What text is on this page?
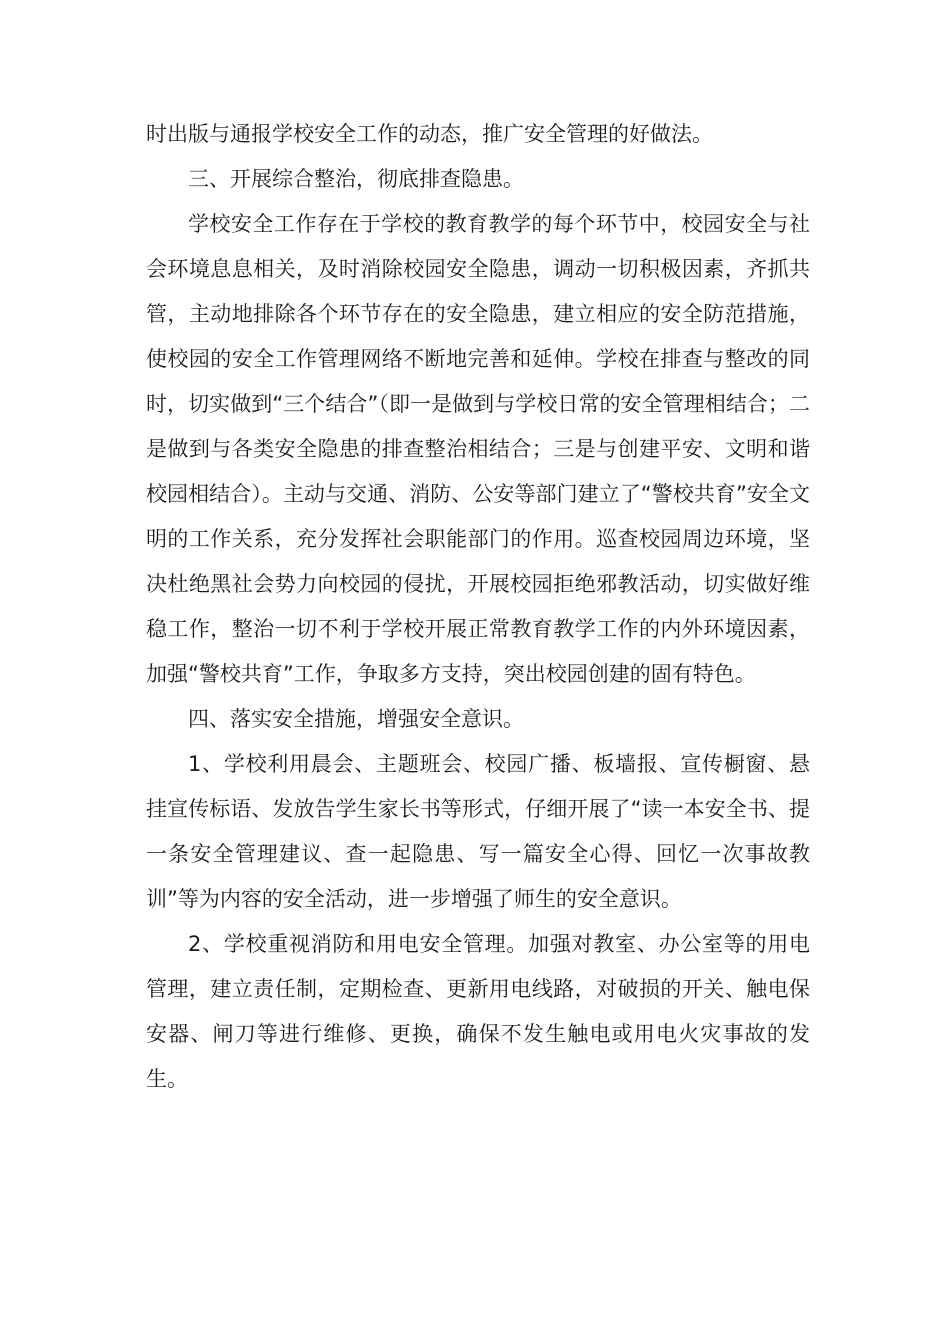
时出版与通报学校安全工作的动态，推广安全管理的好做法。

三、开展综合整治，彻底排查隐患。

学校安全工作存在于学校的教育教学的每个环节中，校园安全与社会环境息息相关，及时消除校园安全隐患，调动一切积极因素，齐抓共管，主动地排除各个环节存在的安全隐患，建立相应的安全防范措施，使校园的安全工作管理网络不断地完善和延伸。学校在排查与整改的同时，切实做到“三个结合”（即一是做到与学校日常的安全管理相结合；二是做到与各类安全隐患的排查整治相结合；三是与创建平安、文明和谐校园相结合）。主动与交通、消防、公安等部门建立了“警校共育”安全文明的工作关系，充分发挥社会职能部门的作用。巡查校园周边环境，坚决杜绝黑社会势力向校园的侵扰，开展校园拒绝邪教活动，切实做好维稳工作，整治一切不利于学校开展正常教育教学工作的内外环境因素，加强“警校共育”工作，争取多方支持，突出校园创建的固有特色。

四、落实安全措施，增强安全意识。

1、学校利用晨会、主题班会、校园广播、板墙报、宣传橱窗、悬挂宣传标语、发放告学生家长书等形式，仔细开展了“读一本安全书、提一条安全管理建议、查一起隐患、写一篇安全心得、回忆一次事故教训”等为内容的安全活动，进一步增强了师生的安全意识。

2、学校重视消防和用电安全管理。加强对教室、办公室等的用电管理，建立责任制，定期检查、更新用电线路，对破损的开关、触电保安器、闸刀等进行维修、更换，确保不发生触电或用电火灾事故的发生。
